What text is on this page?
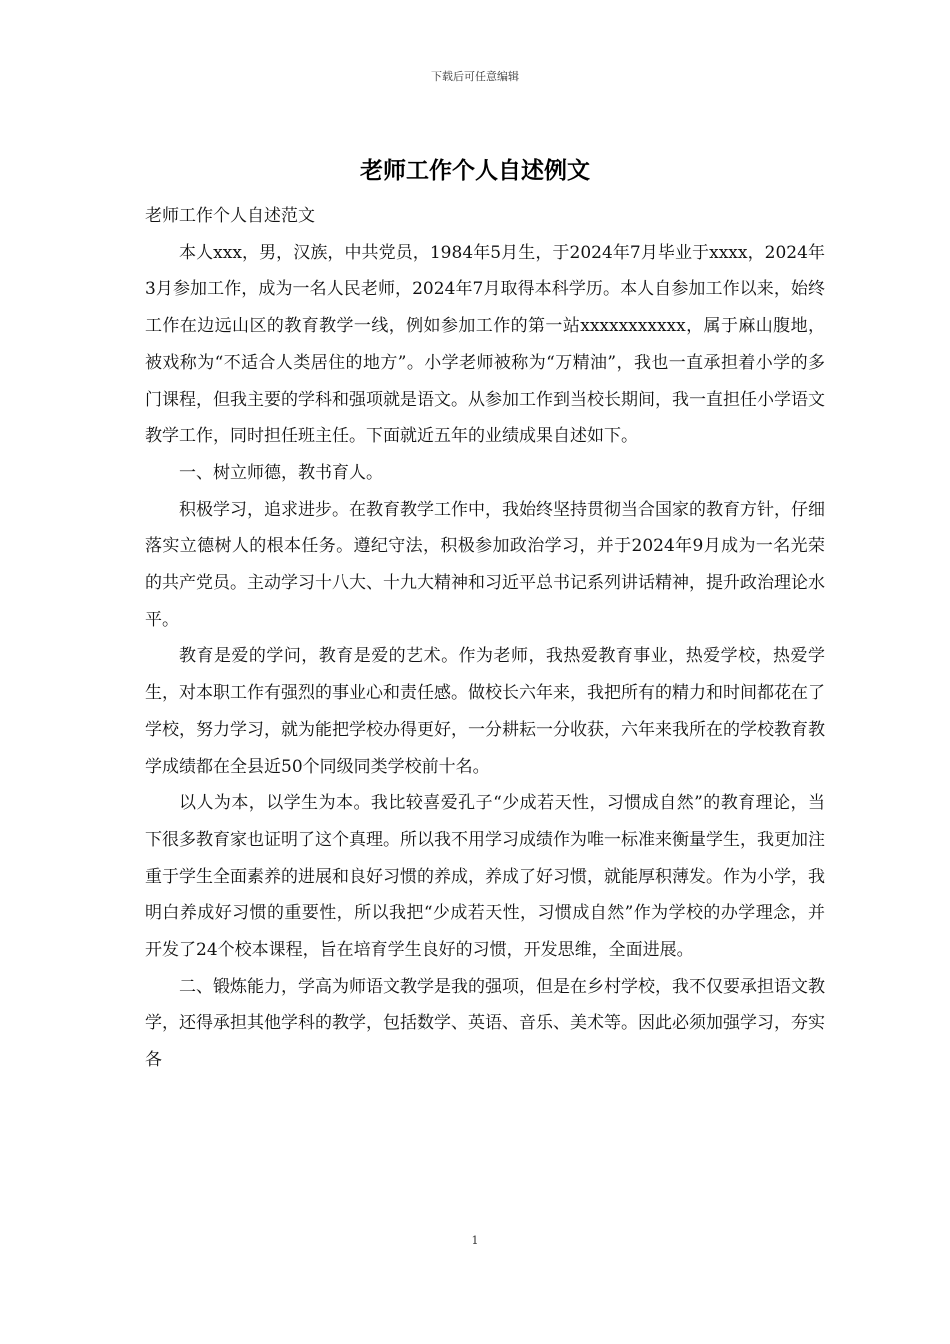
下载后可任意编辑
老师工作个人自述例文

老师工作个人自述范文

本人xxx，男，汉族，中共党员，1984年5月生，于2024年7月毕业于xxxx，2024年3月参加工作，成为一名人民老师，2024年7月取得本科学历。本人自参加工作以来，始终工作在边远山区的教育教学一线，例如参加工作的第一站xxxxxxxxxxx，属于麻山腹地，被戏称为“不适合人类居住的地方”。小学老师被称为“万精油”，我也一直承担着小学的多门课程，但我主要的学科和强项就是语文。从参加工作到当校长期间，我一直担任小学语文教学工作，同时担任班主任。下面就近五年的业绩成果自述如下。

一、树立师德，教书育人。

积极学习，追求进步。在教育教学工作中，我始终坚持贯彻当合国家的教育方针，仔细落实立德树人的根本任务。遵纪守法，积极参加政治学习，并于2024年9月成为一名光荣的共产党员。主动学习十八大、十九大精神和习近平总书记系列讲话精神，提升政治理论水平。

教育是爱的学问，教育是爱的艺术。作为老师，我热爱教育事业，热爱学校，热爱学生，对本职工作有强烈的事业心和责任感。做校长六年来，我把所有的精力和时间都花在了学校，努力学习，就为能把学校办得更好，一分耕耘一分收获，六年来我所在的学校教育教学成绩都在全县近50个同级同类学校前十名。

以人为本，以学生为本。我比较喜爱孔子“少成若天性，习惯成自然”的教育理论，当下很多教育家也证明了这个真理。所以我不用学习成绩作为唯一标准来衡量学生，我更加注重于学生全面素养的进展和良好习惯的养成，养成了好习惯，就能厚积薄发。作为小学，我明白养成好习惯的重要性，所以我把“少成若天性，习惯成自然”作为学校的办学理念，并开发了24个校本课程，旨在培育学生良好的习惯，开发思维，全面进展。

二、锻炼能力，学高为师语文教学是我的强项，但是在乡村学校，我不仅要承担语文教学，还得承担其他学科的教学，包括数学、英语、音乐、美术等。因此必须加强学习，夯实各

1
